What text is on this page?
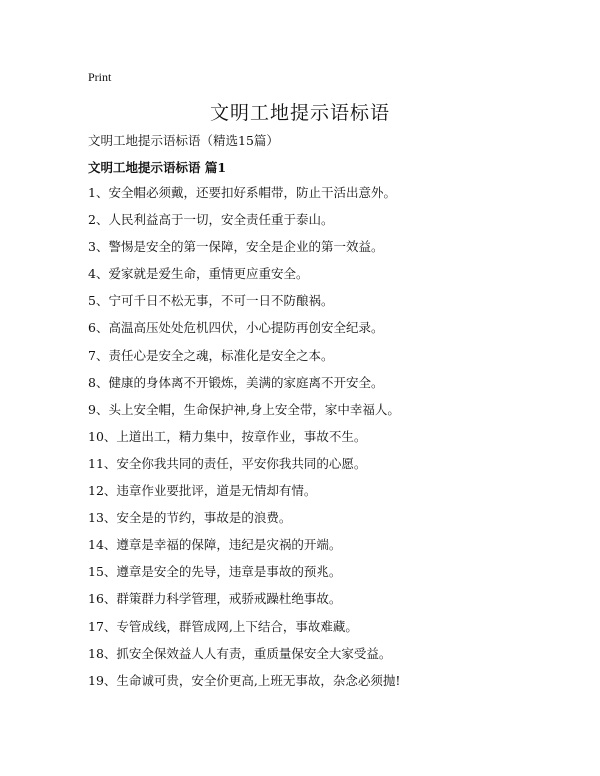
Print
文明工地提示语标语
文明工地提示语标语（精选15篇）
文明工地提示语标语 篇1
1、安全帽必须戴，还要扣好系帽带，防止干活出意外。
2、人民利益高于一切，安全责任重于泰山。
3、警惕是安全的第一保障，安全是企业的第一效益。
4、爱家就是爱生命，重情更应重安全。
5、宁可千日不松无事，不可一日不防酿祸。
6、高温高压处处危机四伏，小心提防再创安全纪录。
7、责任心是安全之魂，标准化是安全之本。
8、健康的身体离不开锻炼，美满的家庭离不开安全。
9、头上安全帽，生命保护神,身上安全带，家中幸福人。
10、上道出工，精力集中，按章作业，事故不生。
11、安全你我共同的责任，平安你我共同的心愿。
12、违章作业要批评，道是无情却有情。
13、安全是的节约，事故是的浪费。
14、遵章是幸福的保障，违纪是灾祸的开端。
15、遵章是安全的先导，违章是事故的预兆。
16、群策群力科学管理，戒骄戒躁杜绝事故。
17、专管成线，群管成网,上下结合，事故难藏。
18、抓安全保效益人人有责，重质量保安全大家受益。
19、生命诚可贵，安全价更高,上班无事故，杂念必须抛!
